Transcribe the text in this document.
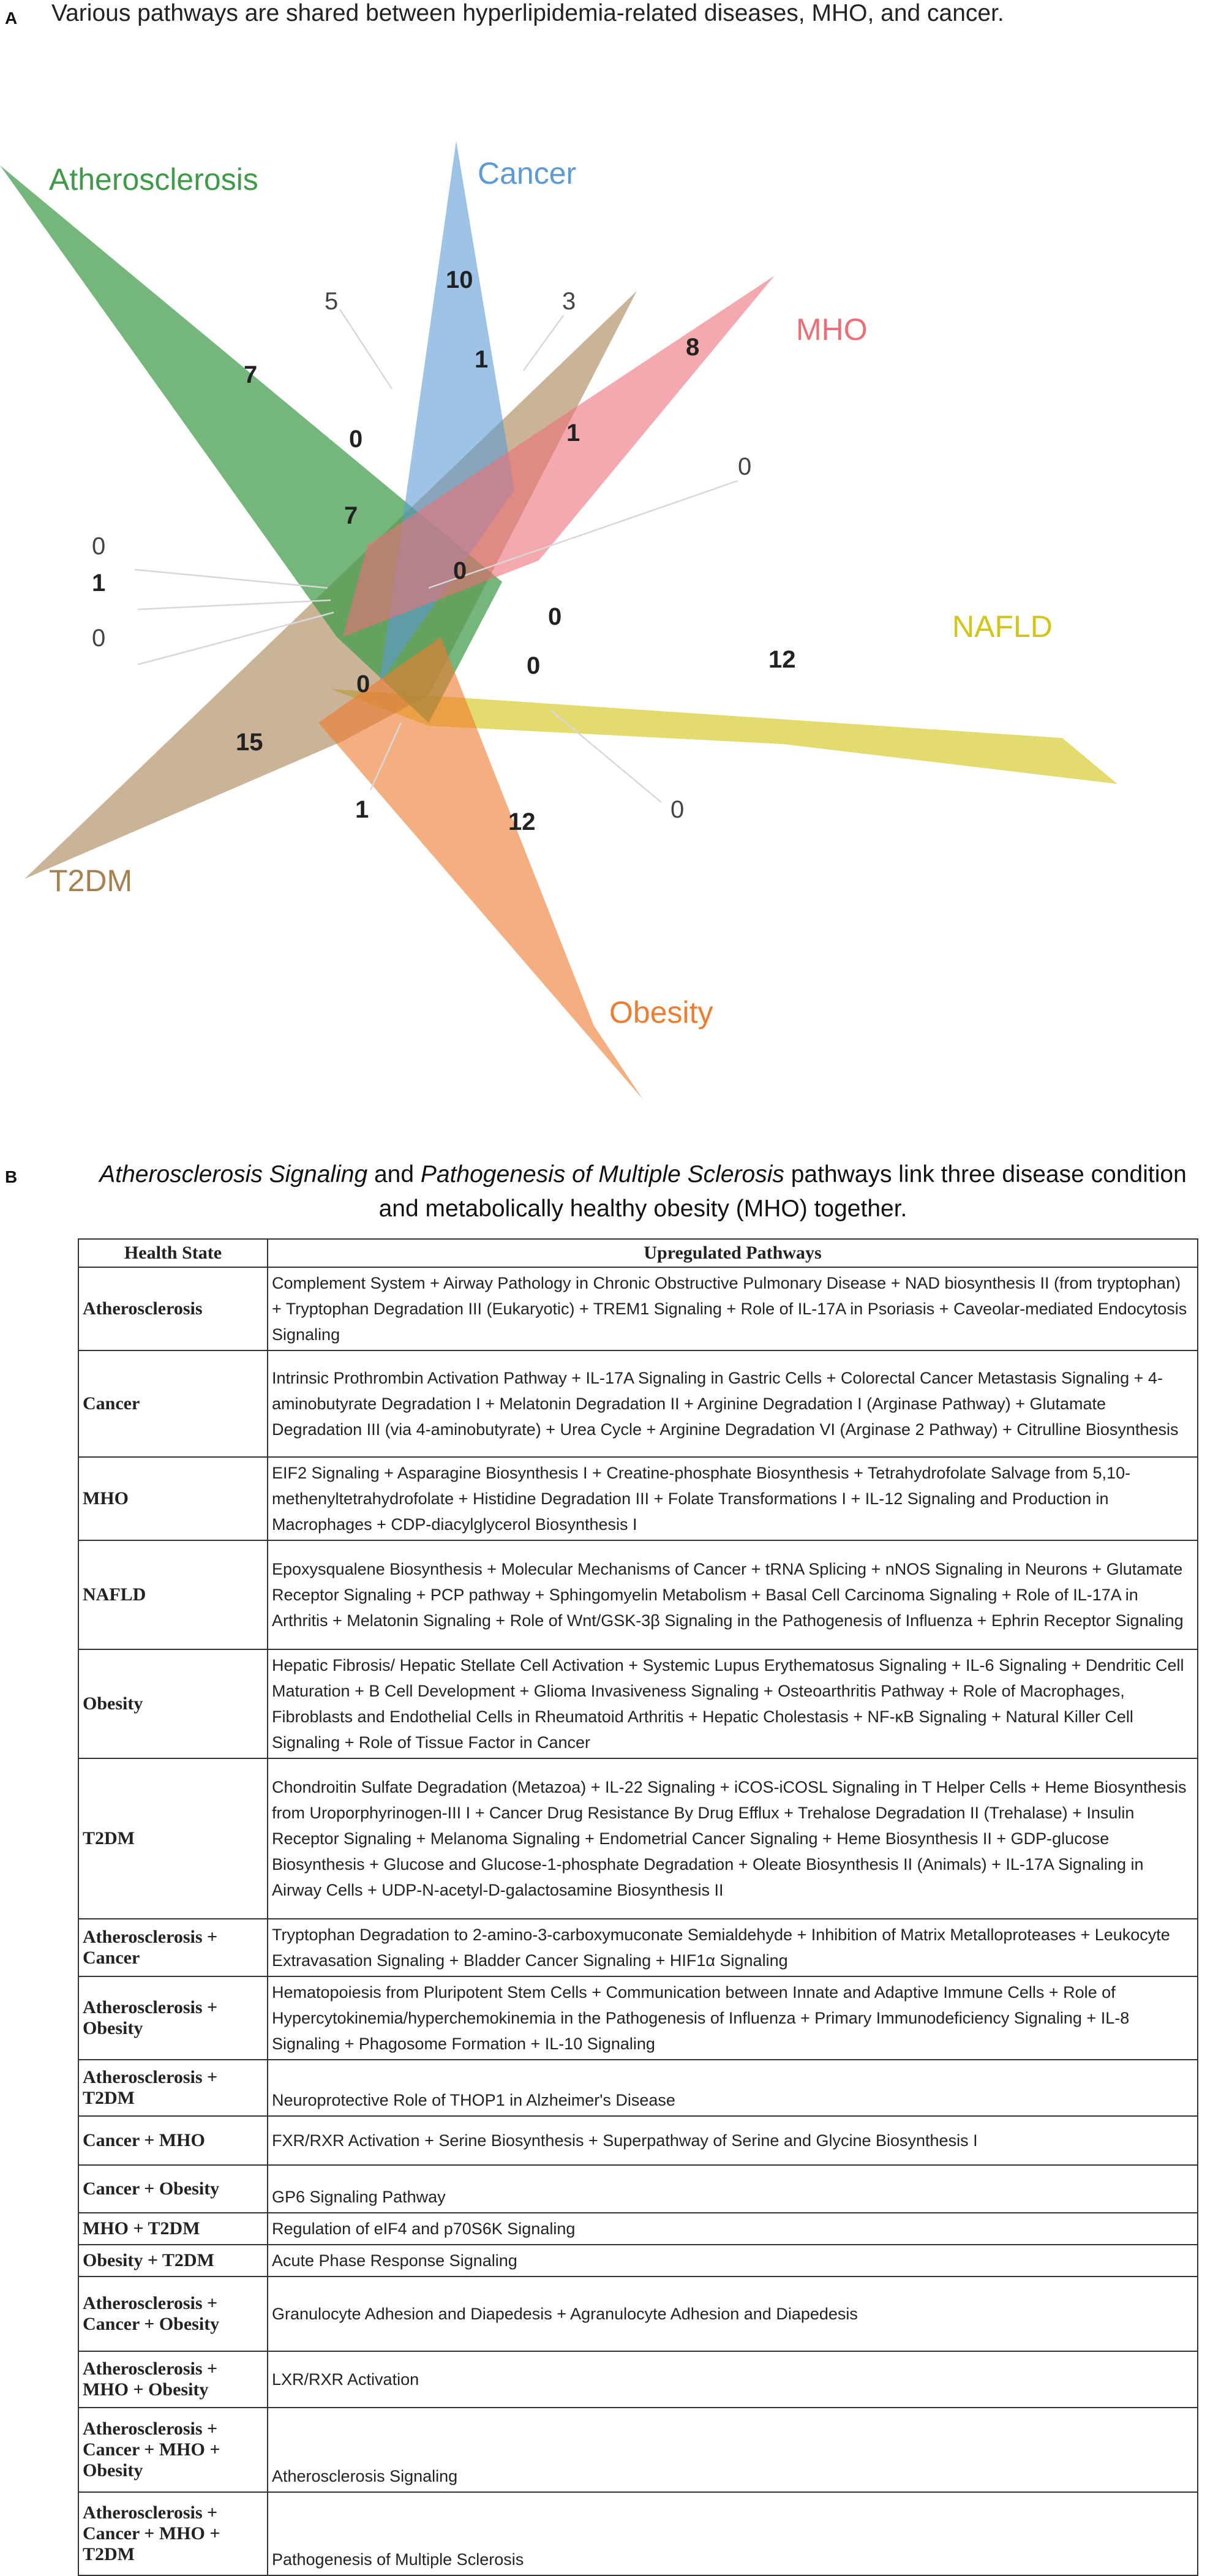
A Various pathways are shared between hyperlipidemia-related diseases, MHO, and cancer.
Atherosclerosis	Cancer
MHO
NAFLD
T2DM
Obesity
7
10
8
12
15
12
5	3
1
1
0
7
0
0
0
1
0
0
0
0
1	0
B	Atherosclerosis Signaling and Pathogenesis of Multiple Sclerosis pathways link three disease condition
and metabolically healthy obesity (MHO) together.
Health State	Upregulated Pathways
Atherosclerosis	Complement System + Airway Pathology in Chronic Obstructive Pulmonary Disease + NAD biosynthesis II (from tryptophan) + Tryptophan Degradation III (Eukaryotic) + TREM1 Signaling + Role of IL-17A in Psoriasis + Caveolar-mediated Endocytosis Signaling
Cancer	Intrinsic Prothrombin Activation Pathway + IL-17A Signaling in Gastric Cells + Colorectal Cancer Metastasis Signaling + 4-aminobutyrate Degradation I + Melatonin Degradation II + Arginine Degradation I (Arginase Pathway) + Glutamate Degradation III (via 4-aminobutyrate) + Urea Cycle + Arginine Degradation VI (Arginase 2 Pathway) + Citrulline Biosynthesis
MHO	EIF2 Signaling + Asparagine Biosynthesis I + Creatine-phosphate Biosynthesis + Tetrahydrofolate Salvage from 5,10-methenyltetrahydrofolate + Histidine Degradation III + Folate Transformations I + IL-12 Signaling and Production in Macrophages + CDP-diacylglycerol Biosynthesis I
NAFLD	Epoxysqualene Biosynthesis + Molecular Mechanisms of Cancer + tRNA Splicing + nNOS Signaling in Neurons + Glutamate Receptor Signaling + PCP pathway + Sphingomyelin Metabolism + Basal Cell Carcinoma Signaling + Role of IL-17A in Arthritis + Melatonin Signaling + Role of Wnt/GSK-3β Signaling in the Pathogenesis of Influenza + Ephrin Receptor Signaling
Obesity	Hepatic Fibrosis/ Hepatic Stellate Cell Activation + Systemic Lupus Erythematosus Signaling + IL-6 Signaling + Dendritic Cell Maturation + B Cell Development + Glioma Invasiveness Signaling + Osteoarthritis Pathway + Role of Macrophages, Fibroblasts and Endothelial Cells in Rheumatoid Arthritis + Hepatic Cholestasis + NF-κB Signaling + Natural Killer Cell Signaling + Role of Tissue Factor in Cancer
T2DM	Chondroitin Sulfate Degradation (Metazoa) + IL-22 Signaling + iCOS-iCOSL Signaling in T Helper Cells + Heme Biosynthesis from Uroporphyrinogen-III I + Cancer Drug Resistance By Drug Efflux + Trehalose Degradation II (Trehalase) + Insulin Receptor Signaling + Melanoma Signaling + Endometrial Cancer Signaling + Heme Biosynthesis II + GDP-glucose Biosynthesis + Glucose and Glucose-1-phosphate Degradation + Oleate Biosynthesis II (Animals) + IL-17A Signaling in Airway Cells + UDP-N-acetyl-D-galactosamine Biosynthesis II
Atherosclerosis + Cancer	Tryptophan Degradation to 2-amino-3-carboxymuconate Semialdehyde + Inhibition of Matrix Metalloproteases + Leukocyte Extravasation Signaling + Bladder Cancer Signaling + HIF1α Signaling
Atherosclerosis + Obesity	Hematopoiesis from Pluripotent Stem Cells + Communication between Innate and Adaptive Immune Cells + Role of Hypercytokinemia/hyperchemokinemia in the Pathogenesis of Influenza + Primary Immunodeficiency Signaling + IL-8 Signaling + Phagosome Formation + IL-10 Signaling
Atherosclerosis + T2DM	Neuroprotective Role of THOP1 in Alzheimer's Disease
Cancer + MHO	FXR/RXR Activation + Serine Biosynthesis + Superpathway of Serine and Glycine Biosynthesis I
Cancer + Obesity	GP6 Signaling Pathway
MHO + T2DM	Regulation of eIF4 and p70S6K Signaling
Obesity + T2DM	Acute Phase Response Signaling
Atherosclerosis + Cancer + Obesity	Granulocyte Adhesion and Diapedesis + Agranulocyte Adhesion and Diapedesis
Atherosclerosis + MHO + Obesity	LXR/RXR Activation
Atherosclerosis + Cancer + MHO + Obesity	Atherosclerosis Signaling
Atherosclerosis + Cancer + MHO + T2DM	Pathogenesis of Multiple Sclerosis
